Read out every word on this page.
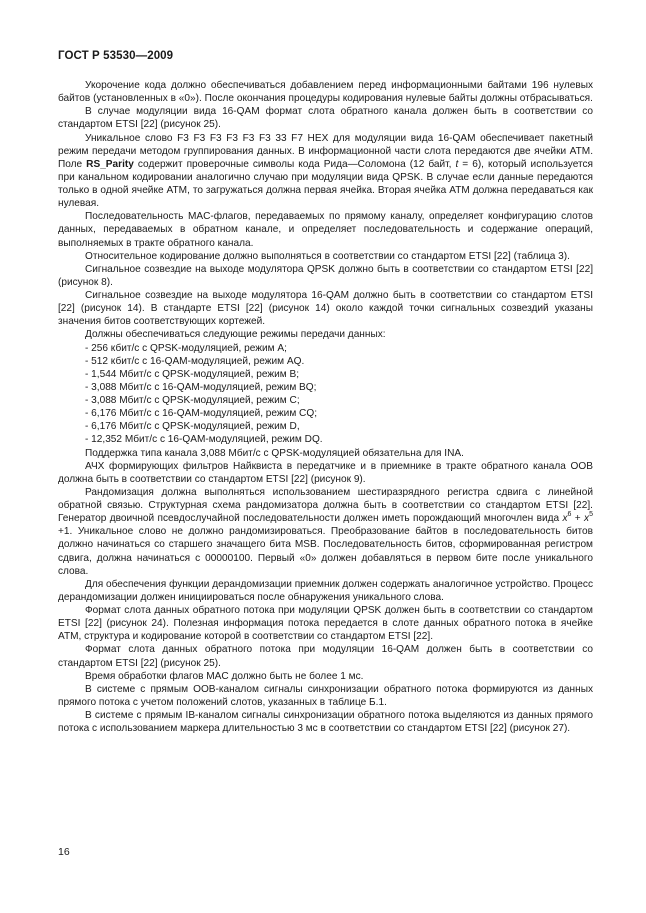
ГОСТ Р 53530—2009

Укорочение кода должно обеспечиваться добавлением перед информационными байтами 196 нулевых байтов (установленных в «0»). После окончания процедуры кодирования нулевые байты должны отбрасываться.

В случае модуляции вида 16-QAM формат слота обратного канала должен быть в соответствии со стандартом ETSI [22] (рисунок 25).

Уникальное слово F3 F3 F3 F3 F3 F3 33 F7 HEX для модуляции вида 16-QAM обеспечивает пакетный режим передачи методом группирования данных. В информационной части слота передаются две ячейки ATM. Поле RS_Parity содержит проверочные символы кода Рида—Соломона (12 байт, t = 6), который используется при канальном кодировании аналогично случаю при модуляции вида QPSK. В случае если данные передаются только в одной ячейке ATM, то загружаться должна первая ячейка. Вторая ячейка ATM должна передаваться как нулевая.

Последовательность MAC-флагов, передаваемых по прямому каналу, определяет конфигурацию слотов данных, передаваемых в обратном канале, и определяет последовательность и содержание операций, выполняемых в тракте обратного канала.

Относительное кодирование должно выполняться в соответствии со стандартом ETSI [22] (таблица 3).

Сигнальное созвездие на выходе модулятора QPSK должно быть в соответствии со стандартом ETSI [22] (рисунок 8).

Сигнальное созвездие на выходе модулятора 16-QAM должно быть в соответствии со стандартом ETSI [22] (рисунок 14). В стандарте ETSI [22] (рисунок 14) около каждой точки сигнальных созвездий указаны значения битов соответствующих кортежей.

Должны обеспечиваться следующие режимы передачи данных:

- 256 кбит/с с QPSK-модуляцией, режим A;
- 512 кбит/с с 16-QAM-модуляцией, режим AQ.
- 1,544 Мбит/с с QPSK-модуляцией, режим B;
- 3,088 Мбит/с с 16-QAM-модуляцией, режим BQ;
- 3,088 Мбит/с с QPSK-модуляцией, режим C;
- 6,176 Мбит/с с 16-QAM-модуляцией, режим CQ;
- 6,176 Мбит/с с QPSK-модуляцией, режим D,
- 12,352 Мбит/с с 16-QAM-модуляцией, режим DQ.

Поддержка типа канала 3,088 Мбит/с с QPSK-модуляцией обязательна для INA.

АЧХ формирующих фильтров Найквиста в передатчике и в приемнике в тракте обратного канала OOB должна быть в соответствии со стандартом ETSI [22] (рисунок 9).

Рандомизация должна выполняться использованием шестиразрядного регистра сдвига с линейной обратной связью. Структурная схема рандомизатора должна быть в соответствии со стандартом ETSI [22]. Генератор двоичной псевдослучайной последовательности должен иметь порождающий многочлен вида $x^6 + x^5 +1$. Уникальное слово не должно рандомизироваться. Преобразование байтов в последовательность битов должно начинаться со старшего значащего бита MSB. Последовательность битов, сформированная регистром сдвига, должна начинаться с 00000100. Первый «0» должен добавляться в первом бите после уникального слова.

Для обеспечения функции дерандомизации приемник должен содержать аналогичное устройство. Процесс дерандомизации должен инициироваться после обнаружения уникального слова.

Формат слота данных обратного потока при модуляции QPSK должен быть в соответствии со стандартом ETSI [22] (рисунок 24). Полезная информация потока передается в слоте данных обратного потока в ячейке ATM, структура и кодирование которой в соответствии со стандартом ETSI [22].

Формат слота данных обратного потока при модуляции 16-QAM должен быть в соответствии со стандартом ETSI [22] (рисунок 25).

Время обработки флагов MAC должно быть не более 1 мс.

В системе с прямым OOB-каналом сигналы синхронизации обратного потока формируются из данных прямого потока с учетом положений слотов, указанных в таблице Б.1.

В системе с прямым IB-каналом сигналы синхронизации обратного потока выделяются из данных прямого потока с использованием маркера длительностью 3 мс в соответствии со стандартом ETSI [22] (рисунок 27).

16
